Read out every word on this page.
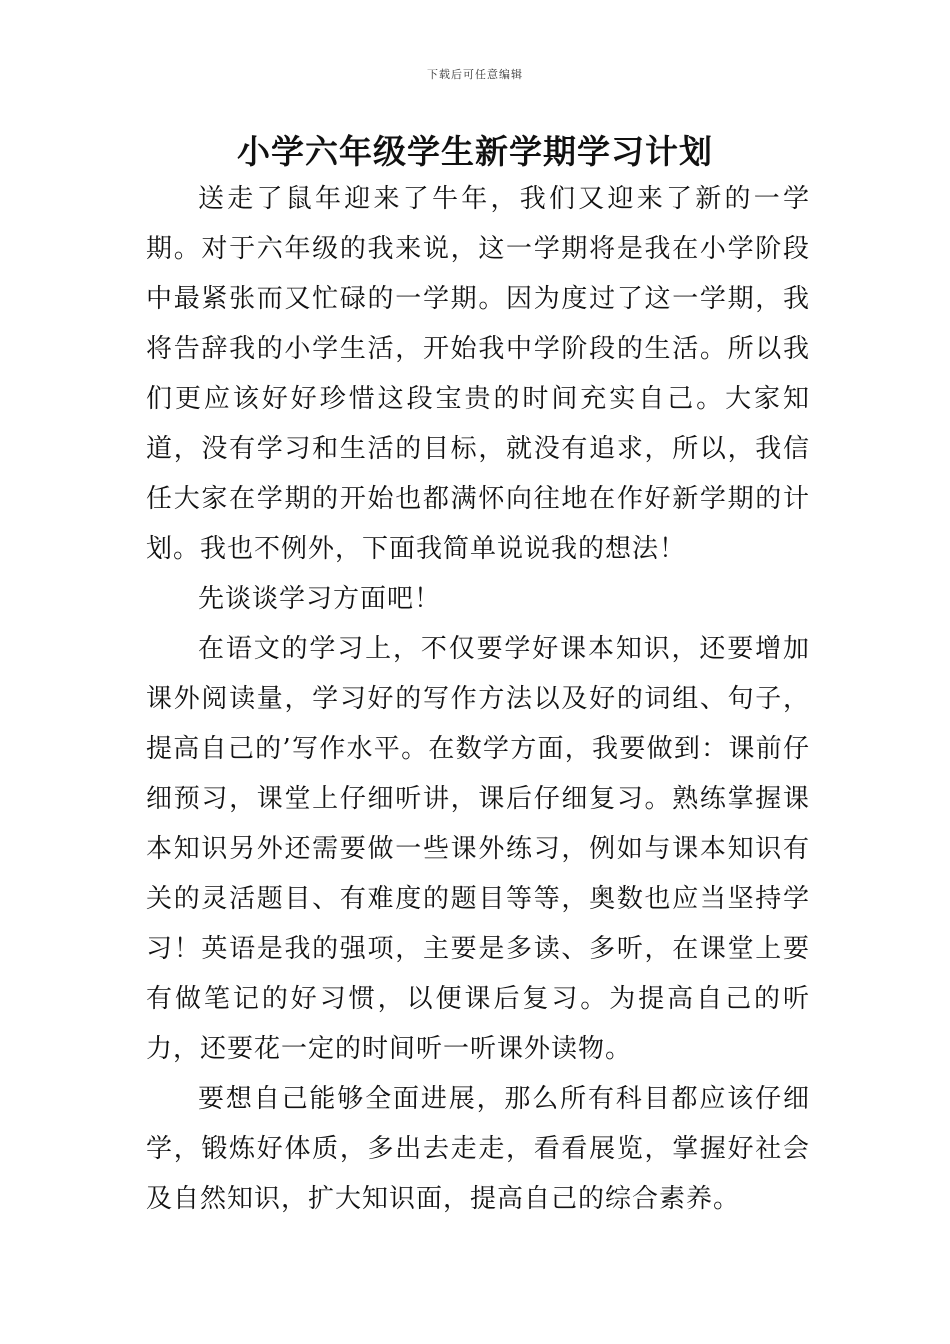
下载后可任意编辑
小学六年级学生新学期学习计划

送走了鼠年迎来了牛年，我们又迎来了新的一学期。对于六年级的我来说，这一学期将是我在小学阶段中最紧张而又忙碌的一学期。因为度过了这一学期，我将告辞我的小学生活，开始我中学阶段的生活。所以我们更应该好好珍惜这段宝贵的时间充实自己。大家知道，没有学习和生活的目标，就没有追求，所以，我信任大家在学期的开始也都满怀向往地在作好新学期的计划。我也不例外，下面我简单说说我的想法！

先谈谈学习方面吧！

在语文的学习上，不仅要学好课本知识，还要增加课外阅读量，学习好的写作方法以及好的词组、句子，提高自己的’写作水平。在数学方面，我要做到：课前仔细预习，课堂上仔细听讲，课后仔细复习。熟练掌握课本知识另外还需要做一些课外练习，例如与课本知识有关的灵活题目、有难度的题目等等，奥数也应当坚持学习！英语是我的强项，主要是多读、多听，在课堂上要有做笔记的好习惯，以便课后复习。为提高自己的听力，还要花一定的时间听一听课外读物。

要想自己能够全面进展，那么所有科目都应该仔细学，锻炼好体质，多出去走走，看看展览，掌握好社会及自然知识，扩大知识面，提高自己的综合素养。
